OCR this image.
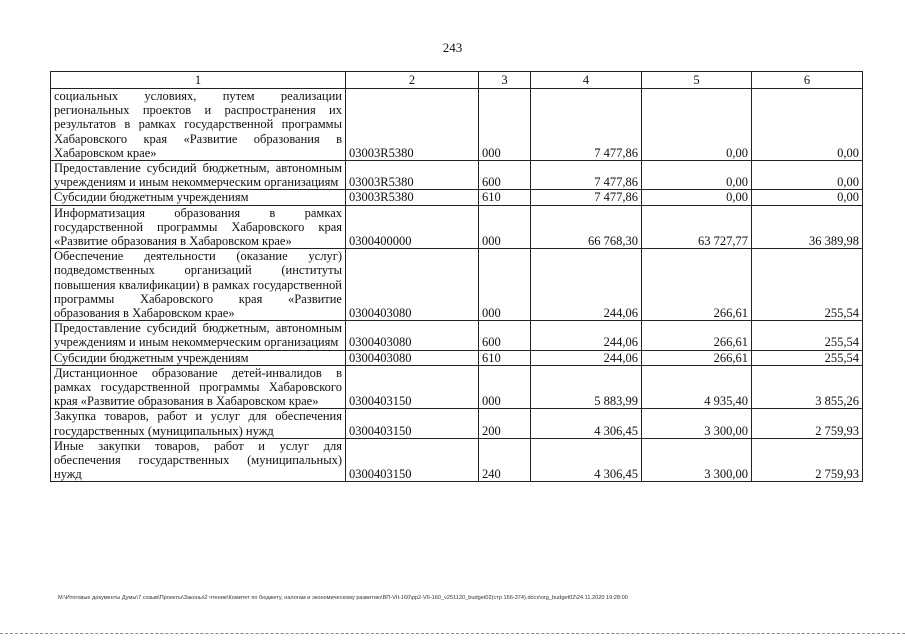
243
1	2	3	4	5	6
социальных условиях, путем реализации региональных проектов и распространения их результатов в рамках государственной программы Хабаровского края «Развитие образования в Хабаровском крае»	03003R5380	000	7 477,86	0,00	0,00
Предоставление субсидий бюджетным, автономным учреждениям и иным некоммерческим организациям	03003R5380	600	7 477,86	0,00	0,00
Субсидии бюджетным учреждениям	03003R5380	610	7 477,86	0,00	0,00
Информатизация образования в рамках государственной программы Хабаровского края «Развитие образования в Хабаровском крае»	0300400000	000	66 768,30	63 727,77	36 389,98
Обеспечение деятельности (оказание услуг) подведомственных организаций (институты повышения квалификации) в рамках государственной программы Хабаровского края «Развитие образования в Хабаровском крае»	0300403080	000	244,06	266,61	255,54
Предоставление субсидий бюджетным, автономным учреждениям и иным некоммерческим организациям	0300403080	600	244,06	266,61	255,54
Субсидии бюджетным учреждениям	0300403080	610	244,06	266,61	255,54
Дистанционное образование детей-инвалидов в рамках государственной программы Хабаровского края «Развитие образования в Хабаровском крае»	0300403150	000	5 883,99	4 935,40	3 855,26
Закупка товаров, работ и услуг для обеспечения государственных (муниципальных) нужд	0300403150	200	4 306,45	3 300,00	2 759,93
Иные закупки товаров, работ и услуг для обеспечения государственных (муниципальных) нужд	0300403150	240	4 306,45	3 300,00	2 759,93
М:\Итоговые документы Думы\7 созыв\Проекты\Законы\2 чтение\Комитет по бюджету, налогам и экономическому развитию\ВП-VII-160\pp2-VII-160_v251120_budget02(стр 166-374).docx\org_budget02\24.11.2020 19:28:00
